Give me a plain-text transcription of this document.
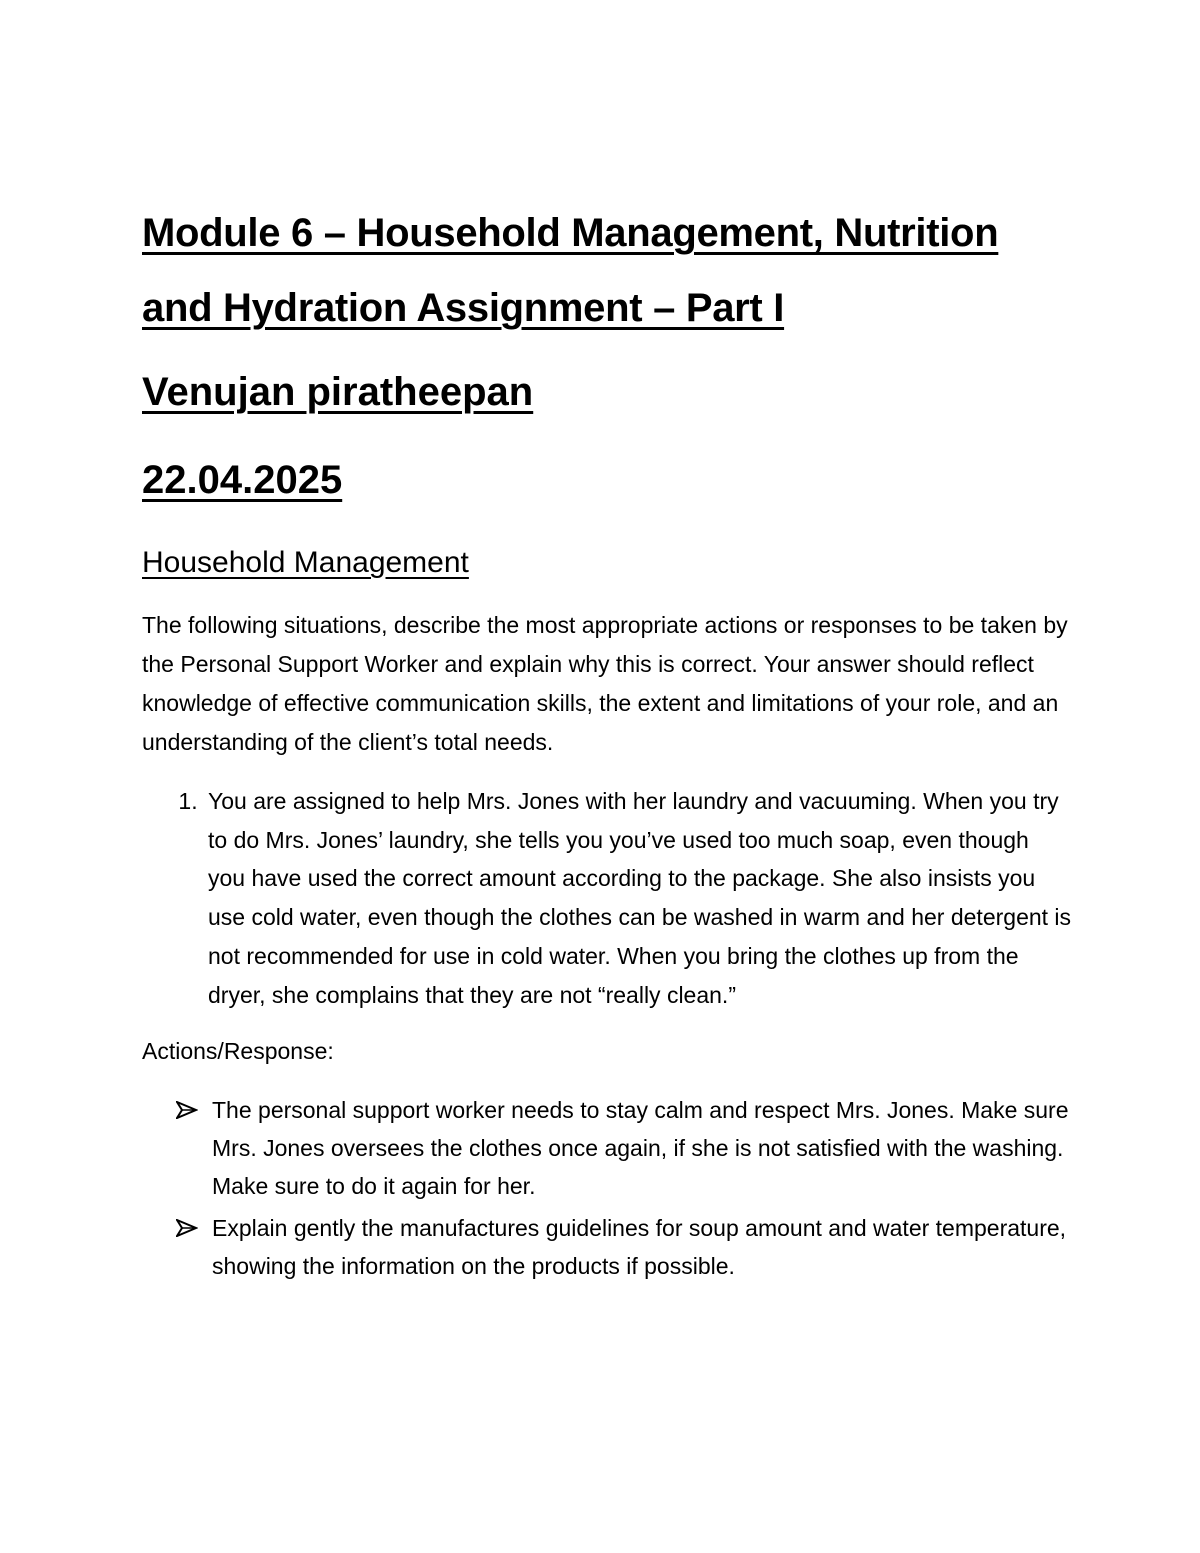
Module 6 – Household Management, Nutrition and Hydration Assignment – Part I
Venujan piratheepan
22.04.2025
Household Management

The following situations, describe the most appropriate actions or responses to be taken by the Personal Support Worker and explain why this is correct. Your answer should reflect knowledge of effective communication skills, the extent and limitations of your role, and an understanding of the client’s total needs.

1. You are assigned to help Mrs. Jones with her laundry and vacuuming. When you try to do Mrs. Jones’ laundry, she tells you you’ve used too much soap, even though you have used the correct amount according to the package. She also insists you use cold water, even though the clothes can be washed in warm and her detergent is not recommended for use in cold water. When you bring the clothes up from the dryer, she complains that they are not “really clean.”

Actions/Response:

The personal support worker needs to stay calm and respect Mrs. Jones. Make sure Mrs. Jones oversees the clothes once again, if she is not satisfied with the washing. Make sure to do it again for her.
Explain gently the manufactures guidelines for soup amount and water temperature, showing the information on the products if possible.
